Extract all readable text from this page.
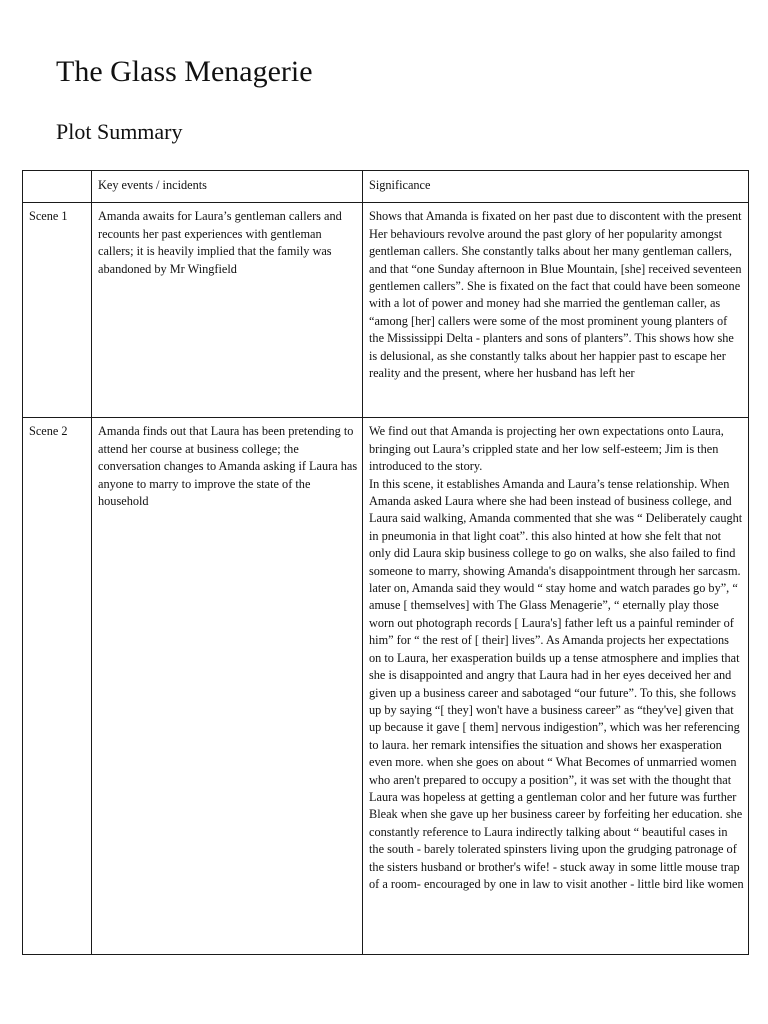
The Glass Menagerie
Plot Summary

	Key events / incidents	Significance

Scene 1	Amanda awaits for Laura’s gentleman callers and recounts her past experiences with gentleman callers; it is heavily implied that the family was abandoned by Mr Wingfield	Shows that Amanda is fixated on her past due to discontent with the present
Her behaviours revolve around the past glory of her popularity amongst gentleman callers. She constantly talks about her many gentleman callers, and that “one Sunday afternoon in Blue Mountain, [she] received seventeen gentlemen callers”. She is fixated on the fact that could have been someone with a lot of power and money had she married the gentleman caller, as “among [her] callers were some of the most prominent young planters of the Mississippi Delta - planters and sons of planters”. This shows how she is delusional, as she constantly talks about her happier past to escape her reality and the present, where her husband has left her

Scene 2	Amanda finds out that Laura has been pretending to attend her course at business college; the conversation changes to Amanda asking if Laura has anyone to marry to improve the state of the household	We find out that Amanda is projecting her own expectations onto Laura, bringing out Laura’s crippled state and her low self-esteem; Jim is then introduced to the story.
In this scene, it establishes Amanda and Laura’s tense relationship. When Amanda asked Laura where she had been instead of business college, and Laura said walking, Amanda commented that she was “ Deliberately caught in pneumonia in that light coat”. this also hinted at how she felt that not only did Laura skip business college to go on walks, she also failed to find someone to marry, showing Amanda's disappointment through her sarcasm. later on, Amanda said they would “ stay home and watch parades go by”, “ amuse [ themselves] with The Glass Menagerie”, “ eternally play those worn out photograph records [ Laura's] father left us a painful reminder of him” for “ the rest of [ their] lives”. As Amanda projects her expectations on to Laura, her exasperation builds up a tense atmosphere and implies that she is disappointed and angry that Laura had in her eyes deceived her and given up a business career and sabotaged “our future”. To this, she follows up by saying “[ they] won't have a business career” as “they've] given that up because it gave [ them] nervous indigestion”, which was her referencing to laura. her remark intensifies the situation and shows her exasperation even more. when she goes on about “ What Becomes of unmarried women who aren't prepared to occupy a position”, it was set with the thought that Laura was hopeless at getting a gentleman color and her future was further Bleak when she gave up her business career by forfeiting her education. she constantly reference to Laura indirectly talking about “ beautiful cases in the south - barely tolerated spinsters living upon the grudging patronage of the sisters husband or brother's wife! - stuck away in some little mouse trap of a room- encouraged by one in law to visit another - little bird like women
